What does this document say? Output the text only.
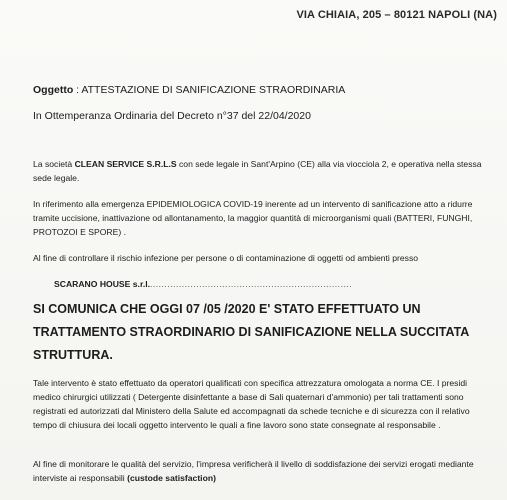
VIA CHIAIA, 205 – 80121 NAPOLI (NA)
Oggetto : ATTESTAZIONE DI SANIFICAZIONE STRAORDINARIA
In Ottemperanza Ordinaria del Decreto n°37 del 22/04/2020
La società CLEAN SERVICE S.R.L.S con sede legale in Sant'Arpino (CE) alla via viocciola 2, e operativa nella stessa sede legale.
In riferimento alla emergenza EPIDEMIOLOGICA COVID-19 inerente ad un intervento di sanificazione atto a ridurre tramite uccisione, inattivazione od allontanamento, la maggior quantità di microorganismi quali (BATTERI, FUNGHI, PROTOZOI E SPORE) .
Al fine di controllare il rischio infezione per persone o di contaminazione di oggetti od ambienti presso
SCARANO HOUSE s.r.l.......................................................................
SI COMUNICA CHE OGGI 07 /05 /2020 E' STATO EFFETTUATO UN TRATTAMENTO STRAORDINARIO DI SANIFICAZIONE NELLA SUCCITATA STRUTTURA.
Tale intervento è stato effettuato da operatori qualificati con specifica attrezzatura omologata a norma CE. I presidi medico chirurgici utilizzati ( Detergente disinfettante a base di Sali quaternari d'ammonio) per tali trattamenti sono registrati ed autorizzati dal Ministero della Salute ed accompagnati da schede tecniche e di sicurezza con il relativo tempo di chiusura dei locali oggetto intervento le quali a fine lavoro sono state consegnate al responsabile .
Al fine di monitorare le qualità del servizio, l'impresa verificherà il livello di soddisfazione dei servizi erogati mediante interviste ai responsabili (custode satisfaction)
